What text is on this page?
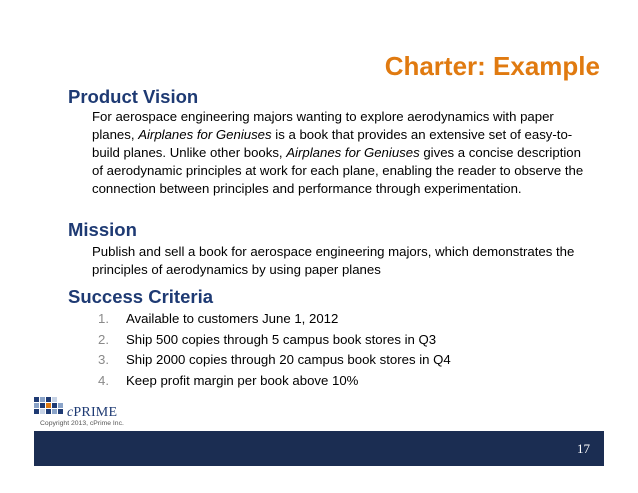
Charter: Example
Product Vision
For aerospace engineering majors wanting to explore aerodynamics with paper planes, Airplanes for Geniuses is a book that provides an extensive set of easy-to-build planes. Unlike other books, Airplanes for Geniuses gives a concise description of aerodynamic principles at work for each plane, enabling the reader to observe the connection between principles and performance through experimentation.
Mission
Publish and sell a book for aerospace engineering majors, which demonstrates the principles of aerodynamics by using paper planes
Success Criteria
1. Available to customers June 1, 2012
2. Ship 500 copies through 5 campus book stores in Q3
3. Ship 2000 copies through 20 campus book stores in Q4
4. Keep profit margin per book above 10%
cPRIME
Copyright 2013, cPrime Inc.
17
